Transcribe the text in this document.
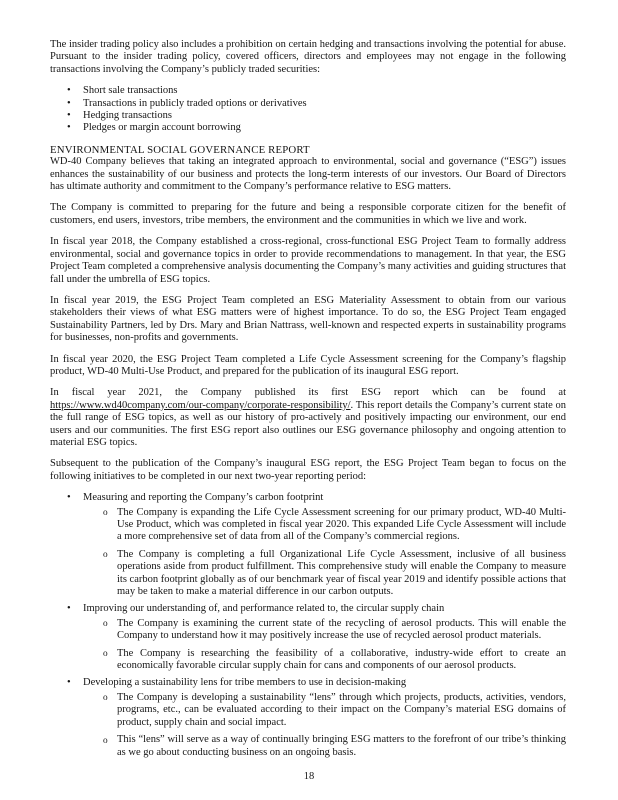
The insider trading policy also includes a prohibition on certain hedging and transactions involving the potential for abuse. Pursuant to the insider trading policy, covered officers, directors and employees may not engage in the following transactions involving the Company’s publicly traded securities:

• Short sale transactions
• Transactions in publicly traded options or derivatives
• Hedging transactions
• Pledges or margin account borrowing
ENVIRONMENTAL SOCIAL GOVERNANCE REPORT

WD-40 Company believes that taking an integrated approach to environmental, social and governance (“ESG”) issues enhances the sustainability of our business and protects the long-term interests of our investors. Our Board of Directors has ultimate authority and commitment to the Company’s performance relative to ESG matters.

The Company is committed to preparing for the future and being a responsible corporate citizen for the benefit of customers, end users, investors, tribe members, the environment and the communities in which we live and work.

In fiscal year 2018, the Company established a cross-regional, cross-functional ESG Project Team to formally address environmental, social and governance topics in order to provide recommendations to management. In that year, the ESG Project Team completed a comprehensive analysis documenting the Company’s many activities and guiding structures that fall under the umbrella of ESG topics.

In fiscal year 2019, the ESG Project Team completed an ESG Materiality Assessment to obtain from our various stakeholders their views of what ESG matters were of highest importance. To do so, the ESG Project Team engaged Sustainability Partners, led by Drs. Mary and Brian Nattrass, well-known and respected experts in sustainability programs for businesses, non-profits and governments.

In fiscal year 2020, the ESG Project Team completed a Life Cycle Assessment screening for the Company’s flagship product, WD-40 Multi-Use Product, and prepared for the publication of its inaugural ESG report.

In fiscal year 2021, the Company published its first ESG report which can be found at https://www.wd40company.com/our-company/corporate-responsibility/. This report details the Company’s current state on the full range of ESG topics, as well as our history of pro-actively and positively impacting our environment, our end users and our communities. The first ESG report also outlines our ESG governance philosophy and ongoing attention to material ESG topics.

Subsequent to the publication of the Company’s inaugural ESG report, the ESG Project Team began to focus on the following initiatives to be completed in our next two-year reporting period:

• Measuring and reporting the Company’s carbon footprint
o The Company is expanding the Life Cycle Assessment screening for our primary product, WD-40 Multi-Use Product, which was completed in fiscal year 2020. This expanded Life Cycle Assessment will include a more comprehensive set of data from all of the Company’s commercial regions.
o The Company is completing a full Organizational Life Cycle Assessment, inclusive of all business operations aside from product fulfillment. This comprehensive study will enable the Company to measure its carbon footprint globally as of our benchmark year of fiscal year 2019 and identify possible actions that may be taken to make a material difference in our carbon outputs.
• Improving our understanding of, and performance related to, the circular supply chain
o The Company is examining the current state of the recycling of aerosol products. This will enable the Company to understand how it may positively increase the use of recycled aerosol product materials.
o The Company is researching the feasibility of a collaborative, industry-wide effort to create an economically favorable circular supply chain for cans and components of our aerosol products.
• Developing a sustainability lens for tribe members to use in decision-making
o The Company is developing a sustainability “lens” through which projects, products, activities, vendors, programs, etc., can be evaluated according to their impact on the Company’s material ESG domains of product, supply chain and social impact.
o This “lens” will serve as a way of continually bringing ESG matters to the forefront of our tribe’s thinking as we go about conducting business on an ongoing basis.
18
